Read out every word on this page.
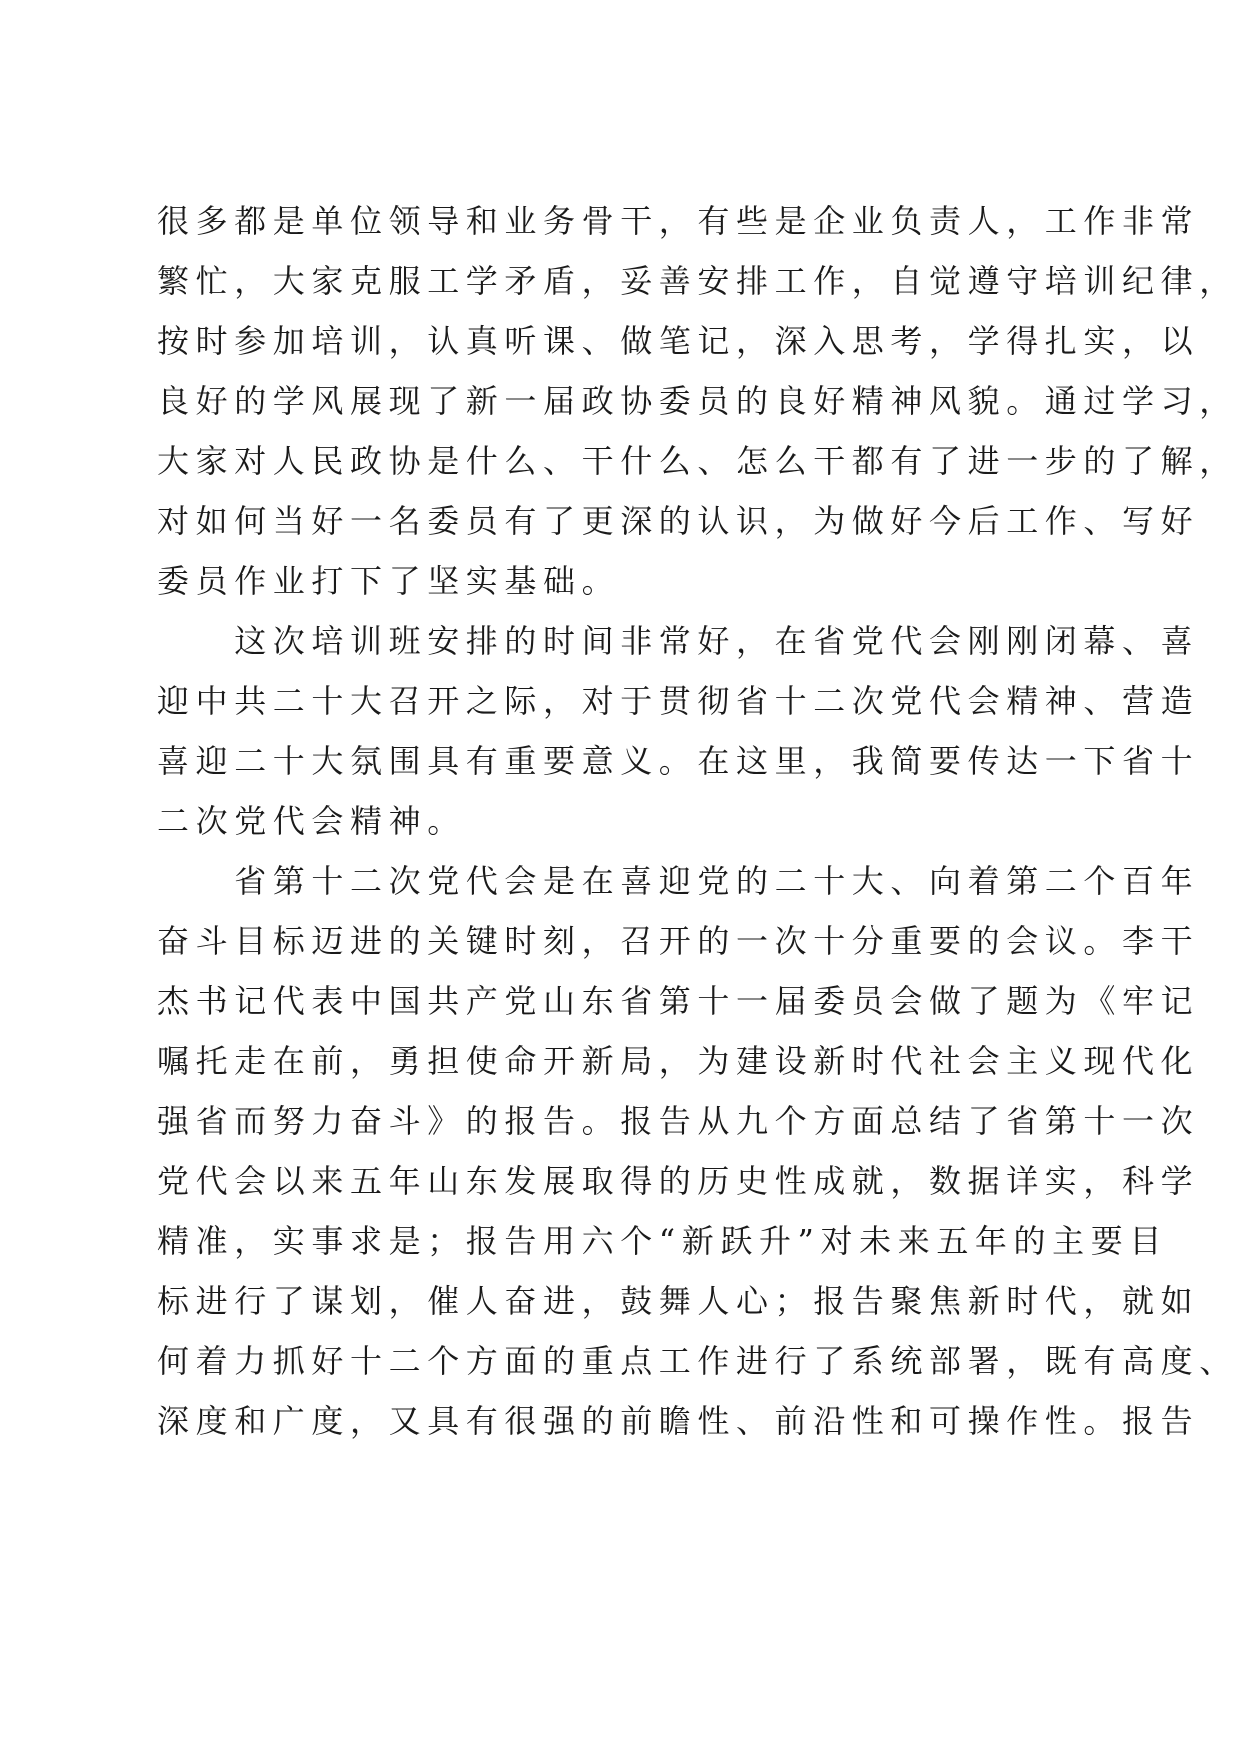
很多都是单位领导和业务骨干，有些是企业负责人，工作非常
繁忙，大家克服工学矛盾，妥善安排工作，自觉遵守培训纪律，
按时参加培训，认真听课、做笔记，深入思考，学得扎实，以
良好的学风展现了新一届政协委员的良好精神风貌。通过学习，
大家对人民政协是什么、干什么、怎么干都有了进一步的了解，
对如何当好一名委员有了更深的认识，为做好今后工作、写好
委员作业打下了坚实基础。
　　这次培训班安排的时间非常好，在省党代会刚刚闭幕、喜
迎中共二十大召开之际，对于贯彻省十二次党代会精神、营造
喜迎二十大氛围具有重要意义。在这里，我简要传达一下省十
二次党代会精神。
　　省第十二次党代会是在喜迎党的二十大、向着第二个百年
奋斗目标迈进的关键时刻，召开的一次十分重要的会议。李干
杰书记代表中国共产党山东省第十一届委员会做了题为《牢记
嘱托走在前，勇担使命开新局，为建设新时代社会主义现代化
强省而努力奋斗》的报告。报告从九个方面总结了省第十一次
党代会以来五年山东发展取得的历史性成就，数据详实，科学
精准，实事求是；报告用六个“新跃升”对未来五年的主要目
标进行了谋划，催人奋进，鼓舞人心；报告聚焦新时代，就如
何着力抓好十二个方面的重点工作进行了系统部署，既有高度、
深度和广度，又具有很强的前瞻性、前沿性和可操作性。报告
